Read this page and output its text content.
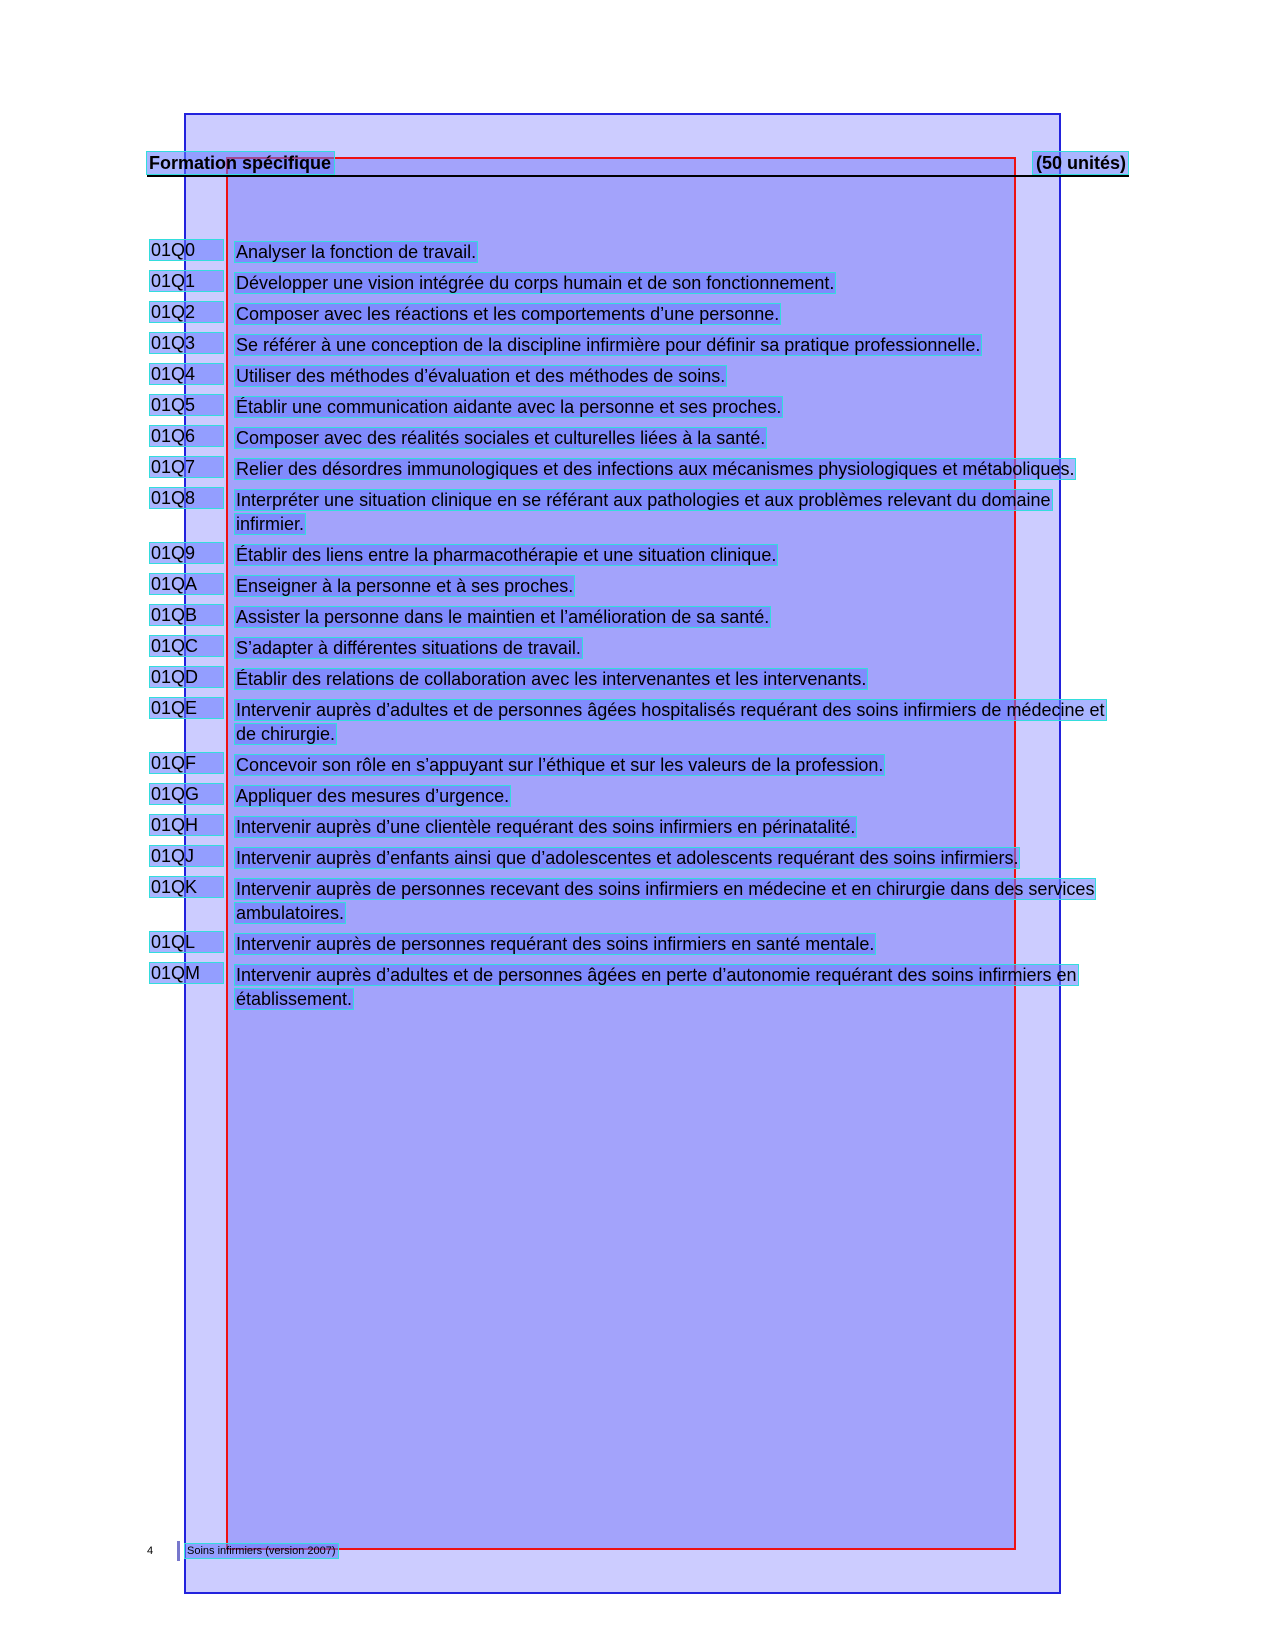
Formation spécifique	(50 unités)
01Q0	Analyser la fonction de travail.
01Q1	Développer une vision intégrée du corps humain et de son fonctionnement.
01Q2	Composer avec les réactions et les comportements d’une personne.
01Q3	Se référer à une conception de la discipline infirmière pour définir sa pratique professionnelle.
01Q4	Utiliser des méthodes d’évaluation et des méthodes de soins.
01Q5	Établir une communication aidante avec la personne et ses proches.
01Q6	Composer avec des réalités sociales et culturelles liées à la santé.
01Q7	Relier des désordres immunologiques et des infections aux mécanismes physiologiques et métaboliques.
01Q8	Interpréter une situation clinique en se référant aux pathologies et aux problèmes relevant du domaine infirmier.
01Q9	Établir des liens entre la pharmacothérapie et une situation clinique.
01QA	Enseigner à la personne et à ses proches.
01QB	Assister la personne dans le maintien et l’amélioration de sa santé.
01QC	S’adapter à différentes situations de travail.
01QD	Établir des relations de collaboration avec les intervenantes et les intervenants.
01QE	Intervenir auprès d’adultes et de personnes âgées hospitalisés requérant des soins infirmiers de médecine et de chirurgie.
01QF	Concevoir son rôle en s’appuyant sur l’éthique et sur les valeurs de la profession.
01QG	Appliquer des mesures d’urgence.
01QH	Intervenir auprès d’une clientèle requérant des soins infirmiers en périnatalité.
01QJ	Intervenir auprès d’enfants ainsi que d’adolescentes et adolescents requérant des soins infirmiers.
01QK	Intervenir auprès de personnes recevant des soins infirmiers en médecine et en chirurgie dans des services ambulatoires.
01QL	Intervenir auprès de personnes requérant des soins infirmiers en santé mentale.
01QM	Intervenir auprès d’adultes et de personnes âgées en perte d’autonomie requérant des soins infirmiers en établissement.
4	Soins infirmiers (version 2007)
